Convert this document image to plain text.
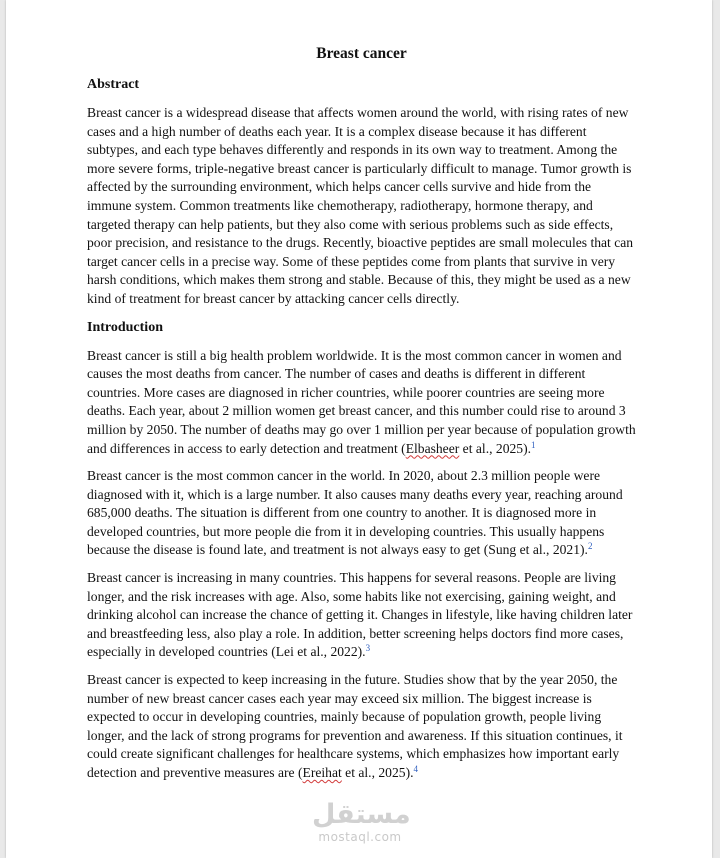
Breast cancer
Abstract

Breast cancer is a widespread disease that affects women around the world, with rising rates of new cases and a high number of deaths each year. It is a complex disease because it has different subtypes, and each type behaves differently and responds in its own way to treatment. Among the more severe forms, triple-negative breast cancer is particularly difficult to manage. Tumor growth is affected by the surrounding environment, which helps cancer cells survive and hide from the immune system. Common treatments like chemotherapy, radiotherapy, hormone therapy, and targeted therapy can help patients, but they also come with serious problems such as side effects, poor precision, and resistance to the drugs. Recently, bioactive peptides are small molecules that can target cancer cells in a precise way. Some of these peptides come from plants that survive in very harsh conditions, which makes them strong and stable. Because of this, they might be used as a new kind of treatment for breast cancer by attacking cancer cells directly.

Introduction

Breast cancer is still a big health problem worldwide. It is the most common cancer in women and causes the most deaths from cancer. The number of cases and deaths is different in different countries. More cases are diagnosed in richer countries, while poorer countries are seeing more deaths. Each year, about 2 million women get breast cancer, and this number could rise to around 3 million by 2050. The number of deaths may go over 1 million per year because of population growth and differences in access to early detection and treatment (Elbasheer et al., 2025).$^1$

Breast cancer is the most common cancer in the world. In 2020, about 2.3 million people were diagnosed with it, which is a large number. It also causes many deaths every year, reaching around 685,000 deaths. The situation is different from one country to another. It is diagnosed more in developed countries, but more people die from it in developing countries. This usually happens because the disease is found late, and treatment is not always easy to get (Sung et al., 2021).$^2$

Breast cancer is increasing in many countries. This happens for several reasons. People are living longer, and the risk increases with age. Also, some habits like not exercising, gaining weight, and drinking alcohol can increase the chance of getting it. Changes in lifestyle, like having children later and breastfeeding less, also play a role. In addition, better screening helps doctors find more cases, especially in developed countries (Lei et al., 2022).$^3$

Breast cancer is expected to keep increasing in the future. Studies show that by the year 2050, the number of new breast cancer cases each year may exceed six million. The biggest increase is expected to occur in developing countries, mainly because of population growth, people living longer, and the lack of strong programs for prevention and awareness. If this situation continues, it could create significant challenges for healthcare systems, which emphasizes how important early detection and preventive measures are (Ereihat et al., 2025).$^4$

مستقل
mostaql.com
